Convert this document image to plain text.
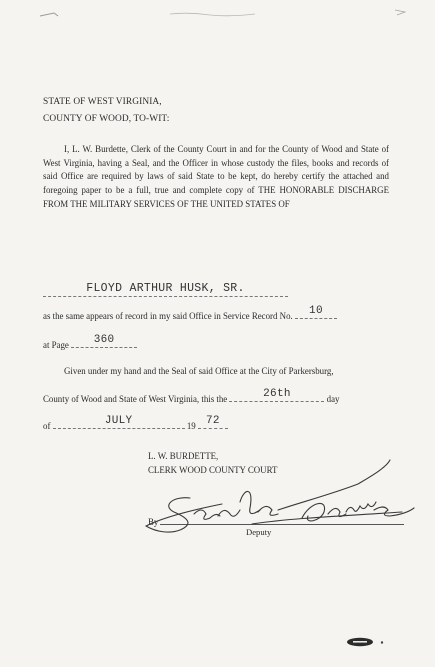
STATE OF WEST VIRGINIA,
COUNTY OF WOOD, TO-WIT:
I, L. W. Burdette, Clerk of the County Court in and for the County of Wood and State of West Virginia, having a Seal, and the Officer in whose custody the files, books and records of said Office are required by laws of said State to be kept, do hereby certify the attached and foregoing paper to be a full, true and complete copy of THE HONORABLE DISCHARGE FROM THE MILITARY SERVICES OF THE UNITED STATES OF
FLOYD ARTHUR HUSK, SR.
as the same appears of record in my said Office in Service Record No.	10
at Page	360
Given under my hand and the Seal of said Office at the City of Parkersburg,
County of Wood and State of West Virginia, this the	26th	day
of	JULY	19 72
L. W. BURDETTE,
CLERK WOOD COUNTY COURT
By
Deputy
